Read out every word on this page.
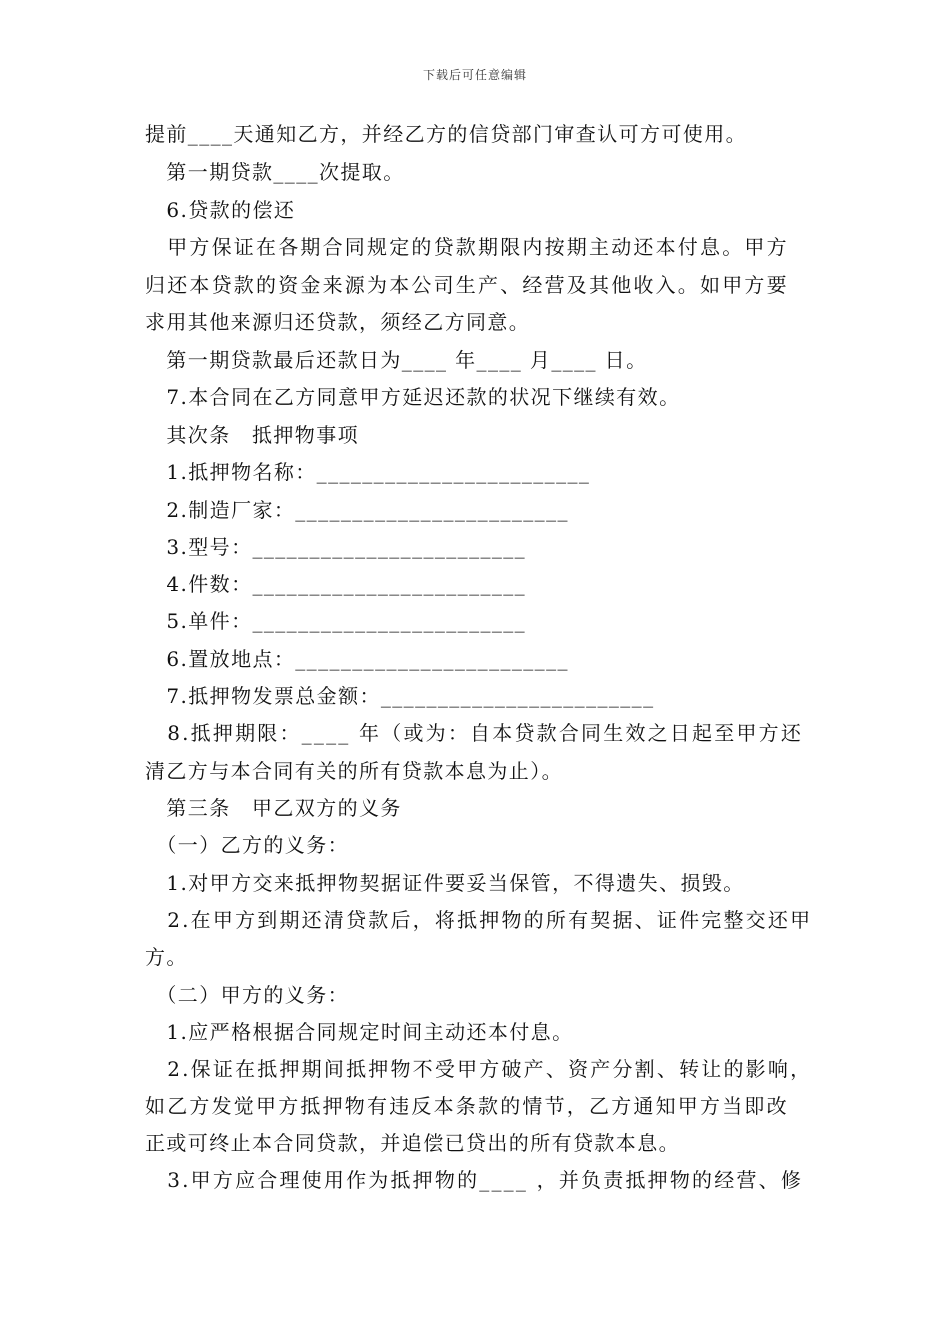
下载后可任意编辑
提前____天通知乙方，并经乙方的信贷部门审查认可方可使用。
　第一期贷款____次提取。
　6.贷款的偿还
　甲方保证在各期合同规定的贷款期限内按期主动还本付息。甲方
归还本贷款的资金来源为本公司生产、经营及其他收入。如甲方要
求用其他来源归还贷款，须经乙方同意。
　第一期贷款最后还款日为____ 年____ 月____ 日。
　7.本合同在乙方同意甲方延迟还款的状况下继续有效。
　其次条　抵押物事项
　1.抵押物名称：________________________
　2.制造厂家：________________________
　3.型号：________________________
　4.件数：________________________
　5.单件：________________________
　6.置放地点：________________________
　7.抵押物发票总金额：________________________
　8.抵押期限：____ 年（或为：自本贷款合同生效之日起至甲方还
清乙方与本合同有关的所有贷款本息为止）。
　第三条　甲乙双方的义务
　（一）乙方的义务：
　1.对甲方交来抵押物契据证件要妥当保管，不得遗失、损毁。
　2.在甲方到期还清贷款后，将抵押物的所有契据、证件完整交还甲
方。
　（二）甲方的义务：
　1.应严格根据合同规定时间主动还本付息。
　2.保证在抵押期间抵押物不受甲方破产、资产分割、转让的影响，
如乙方发觉甲方抵押物有违反本条款的情节，乙方通知甲方当即改
正或可终止本合同贷款，并追偿已贷出的所有贷款本息。
　3.甲方应合理使用作为抵押物的____ ，并负责抵押物的经营、修
